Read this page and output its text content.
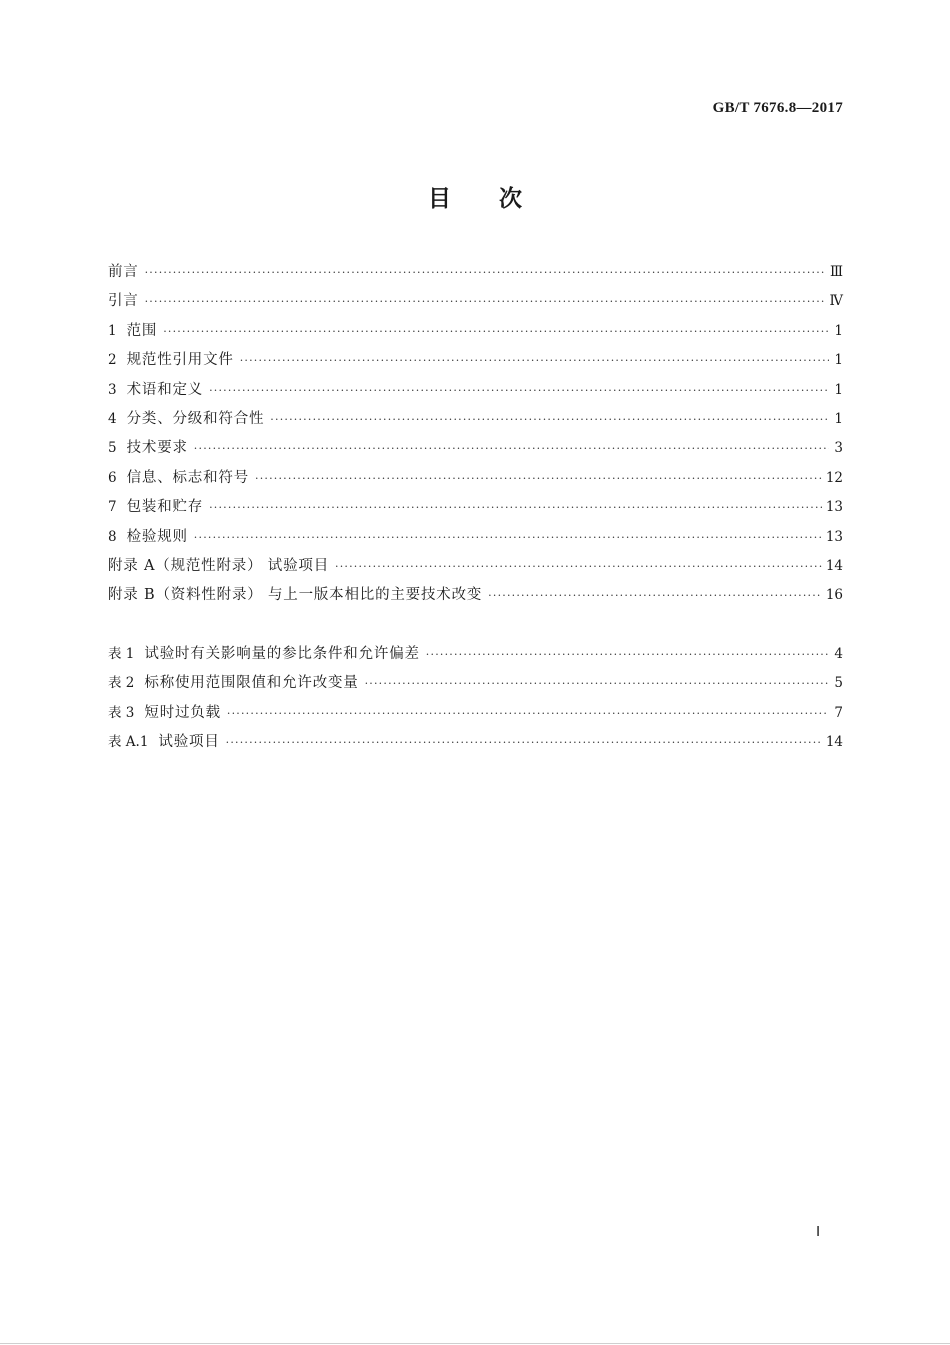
GB/T 7676.8—2017
目次
前言 ·····	Ⅲ
引言 ·····	Ⅳ
1 范围 ·····	1
2 规范性引用文件 ·····	1
3 术语和定义 ·····	1
4 分类、分级和符合性 ·····	1
5 技术要求 ·····	3
6 信息、标志和符号 ·····	12
7 包装和贮存 ·····	13
8 检验规则 ·····	13
附录 A（规范性附录） 试验项目 ·····	14
附录 B（资料性附录） 与上一版本相比的主要技术改变 ·····	16
表 1 试验时有关影响量的参比条件和允许偏差 ·····	4
表 2 标称使用范围限值和允许改变量 ·····	5
表 3 短时过负载 ·····	7
表 A.1 试验项目 ·····	14
Ⅰ
